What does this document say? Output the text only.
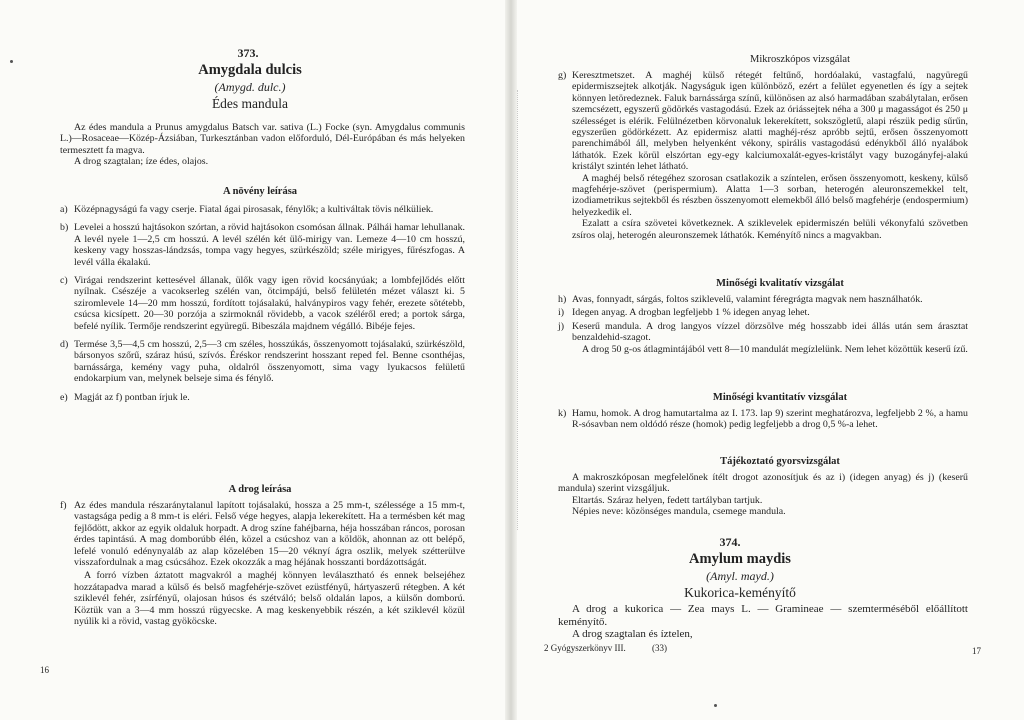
373.
Amygdala dulcis
(Amygd. dulc.)
Édes mandula

Az édes mandula a Prunus amygdalus Batsch var. sativa (L.) Focke (syn. Amygdalus communis L.)—Rosaceae—Közép-Ázsiában, Turkesztánban vadon előforduló, Dél-Európában és más helyeken termesztett fa magva.

A drog szagtalan; íze édes, olajos.

A növény leírása
a) Középnagyságú fa vagy cserje. Fiatal ágai pirosasak, fénylők; a kultiváltak tövis nélküliek.
b) Levelei a hosszú hajtásokon szórtan, a rövid hajtásokon csomósan állnak. Pálhái hamar lehullanak. A levél nyele 1—2,5 cm hosszú. A levél szélén két ülő-mirigy van. Lemeze 4—10 cm hosszú, keskeny vagy hosszas-lándzsás, tompa vagy hegyes, szürkészöld; széle mirigyes, fűrészfogas. A levél vállа ékalakú.
c) Virágai rendszerint kettesével állanak, ülők vagy igen rövid kocsányúak; a lombfejlődés előtt nyílnak. Csészéje a vacokserleg szélén van, ötcimpájú, belső felületén mézet választ ki. 5 sziromlevele 14—20 mm hosszú, fordított tojásalakú, halványpiros vagy fehér, erezete sötétebb, csúcsa kicsípett. 20—30 porzója a szirmoknál rövidebb, a vacok széléről ered; a portok sárga, befelé nyílik. Termője rendszerint együregű. Bibeszála majdnem végálló. Bibéje fejes.
d) Termése 3,5—4,5 cm hosszú, 2,5—3 cm széles, hosszúkás, összenyomott tojásalakú, szürkészöld, bársonyos szőrű, száraz húsú, szívós. Éréskor rendszerint hosszant reped fel. Benne csonthéjas, barnássárga, kemény vagy puha, oldalról összenyomott, sima vagy lyukacsos felületű endokarpium van, melynek belseje sima és fénylő.
e) Magját az f) pontban írjuk le.
A drog leírása
f) Az édes mandula részaránytalanul lapított tojásalakú, hossza a 25 mm-t, szélessége a 15 mm-t, vastagsága pedig a 8 mm-t is eléri. Felső vége hegyes, alapja lekerekített. Ha a termésben két mag fejlődött, akkor az egyik oldaluk horpadt. A drog színe fahéjbarna, héja hosszában ráncos, porosan érdes tapintású. A mag domborúbb élén, közel a csúcshoz van a köldök, ahonnan az ott belépő, lefelé vonuló edénynyaláb az alap közelében 15—20 véknyí ágra oszlik, melyek szétterülve visszafordulnak a mag csúcsához. Ezek okozzák a mag héjának hosszanti bordázottságát.
A forró vízben áztatott magvakról a maghéj könnyen leválasztható és ennek belsejéhez hozzátapadva marad a külső és belső magfehérje-szövet ezüstfényű, hártyaszerű rétegben. A két sziklevél fehér, zsírfényű, olajosan húsos és szétváló; belső oldalán lapos, a külsőn domború. Köztük van a 3—4 mm hosszú rügyecske. A mag keskenyebbik részén, a két sziklevél közül nyúlik ki a rövid, vastag gyököcske.
16
Mikroszkópos vizsgálat
g) Keresztmetszet. A maghéj külső rétegét feltűnő, hordóalakú, vastagfalú, nagyüregű epidermiszsejtek alkotják. Nagyságuk igen különböző, ezért a felület egyenetlen és így a sejtek könnyen letöredeznek. Faluk barnássárga színű, különösen az alsó harmadában szabálytalan, erősen szemcsézett, egyszerű gödörkés vastagodású. Ezek az óriássejtek néha a 300 μ magasságot és 250 μ szélességet is elérik. Felülnézetben körvonaluk lekerekített, sokszögletű, alapi részük pedig sűrűn, egyszerűen gödörkézett. Az epidermisz alatti maghéj-rész apróbb sejtű, erősen összenyomott parenchimából áll, melyben helyenként vékony, spirális vastagodású edénykből álló nyalábok láthatók. Ezek körül elszórtan egy-egy kalciumoxalát-egyes-kristályt vagy buzogányfej-alakú kristályt szintén lehet látható.
A maghéj belső rétegéhez szorosan csatlakozik a színtelen, erősen összenyomott, keskeny, külső magfehérje-szövet (perispermium). Alatta 1—3 sorban, heterogén aleuronszemekkel telt, izodiametrikus sejtekből és részben összenyomott elemekből álló belső magfehérje (endospermium) helyezkedik el.
Ezalatt a csíra szövetei következnek. A sziklevelek epidermiszén belüli vékonyfalú szövetben zsíros olaj, heterogén aleuronszemek láthatók. Keményítő nincs a magvakban.
Minőségi kvalitatív vizsgálat
h) Avas, fonnyadt, sárgás, foltos sziklevelű, valamint féregrágta magvak nem használhatók.
i) Idegen anyag. A drogban legfeljebb 1 % idegen anyag lehet.
j) Keserű mandula. A drog langyos vízzel dörzsölve még hosszabb idei állás után sem árasztat benzaldehid-szagot.
A drog 50 g-os átlagmintájából vett 8—10 mandulát megízlelünk. Nem lehet közöttük keserű ízű.
Minőségi kvantitatív vizsgálat
k) Hamu, homok. A drog hamutartalma az I. 173. lap 9) szerint meghatározva, legfeljebb 2 %, a hamu R-sósavban nem oldódó része (homok) pedig legfeljebb a drog 0,5 %-a lehet.
Tájékoztató gyorsvizsgálat

A makroszkóposan megfelelőnek ítélt drogot azonosítjuk és az i) (idegen anyag) és j) (keserű mandula) szerint vizsgáljuk.

Eltartás. Száraz helyen, fedett tartályban tartjuk.

Népies neve: közönséges mandula, csemege mandula.

374.
Amylum maydis
(Amyl. mayd.)
Kukorica-keményítő

A drog a kukorica — Zea mays L. — Gramineae — szemterméséből előállított keményítő.

A drog szagtalan és íztelen,

2 Gyógyszerkönyv III.	(33)	17
